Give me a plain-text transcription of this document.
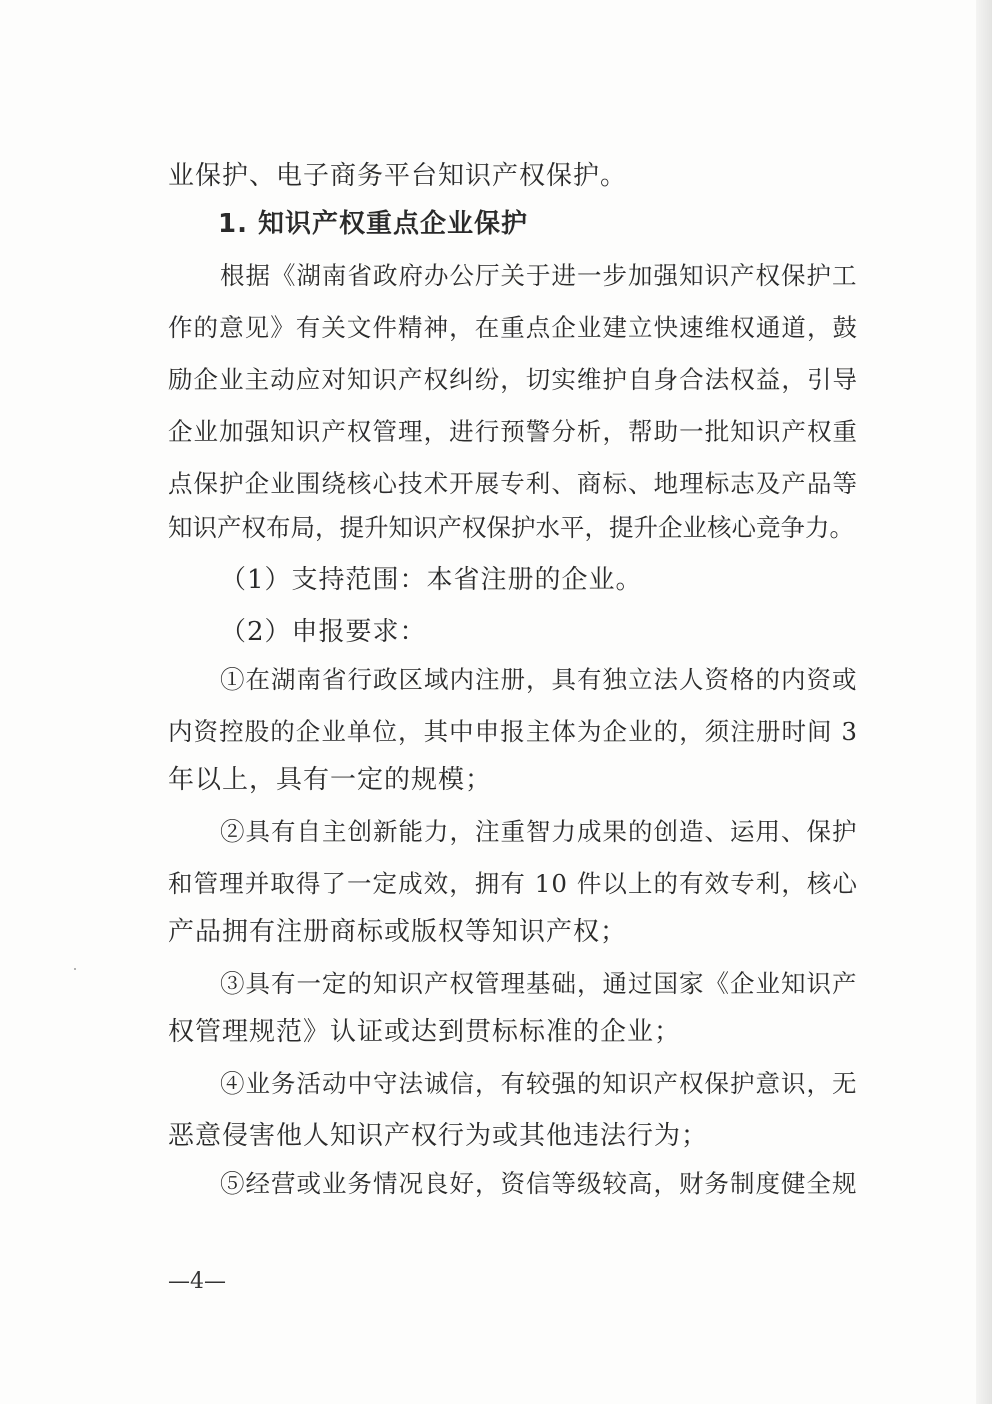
业保护、电子商务平台知识产权保护。
1. 知识产权重点企业保护
根据《湖南省政府办公厅关于进一步加强知识产权保护工
作的意见》有关文件精神，在重点企业建立快速维权通道，鼓
励企业主动应对知识产权纠纷，切实维护自身合法权益，引导
企业加强知识产权管理，进行预警分析，帮助一批知识产权重
点保护企业围绕核心技术开展专利、商标、地理标志及产品等
知识产权布局，提升知识产权保护水平，提升企业核心竞争力。
（1）支持范围：本省注册的企业。
（2）申报要求：
①在湖南省行政区域内注册，具有独立法人资格的内资或
内资控股的企业单位，其中申报主体为企业的，须注册时间 3
年以上，具有一定的规模；
②具有自主创新能力，注重智力成果的创造、运用、保护
和管理并取得了一定成效，拥有 10 件以上的有效专利，核心
产品拥有注册商标或版权等知识产权；
③具有一定的知识产权管理基础，通过国家《企业知识产
权管理规范》认证或达到贯标标准的企业；
④业务活动中守法诚信，有较强的知识产权保护意识，无
恶意侵害他人知识产权行为或其他违法行为；
⑤经营或业务情况良好，资信等级较高，财务制度健全规
—4—
